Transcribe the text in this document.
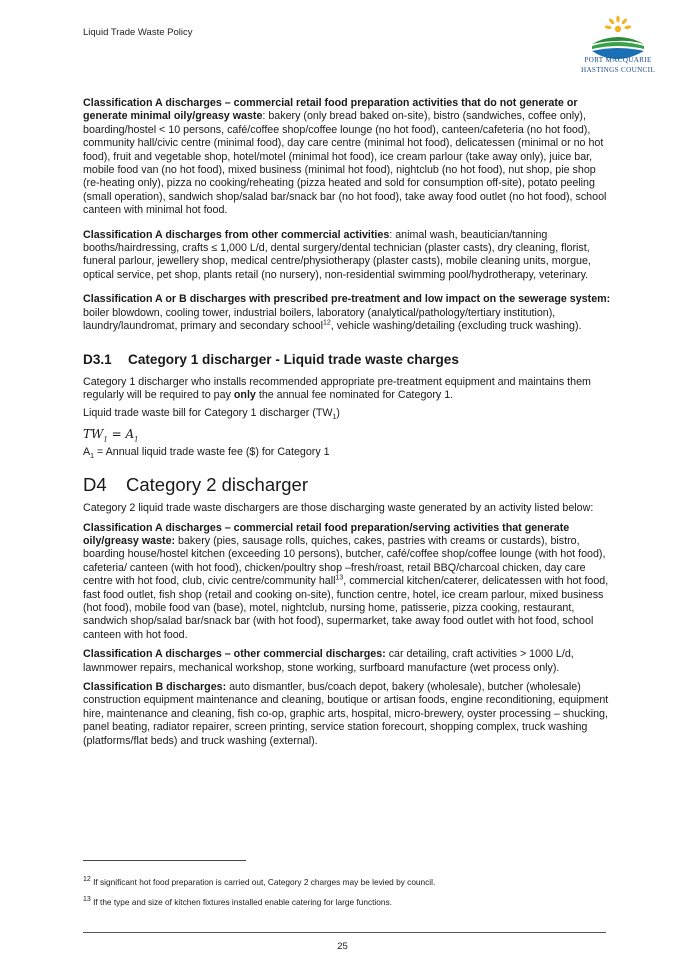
Liquid Trade Waste Policy
PORT MACQUARIE
HASTINGS COUNCIL

Classification A discharges – commercial retail food preparation activities that do not generate or generate minimal oily/greasy waste: bakery (only bread baked on-site), bistro (sandwiches, coffee only), boarding/hostel < 10 persons, café/coffee shop/coffee lounge (no hot food), canteen/cafeteria (no hot food), community hall/civic centre (minimal food), day care centre (minimal hot food), delicatessen (minimal or no hot food), fruit and vegetable shop, hotel/motel (minimal hot food), ice cream parlour (take away only), juice bar, mobile food van (no hot food), mixed business (minimal hot food), nightclub (no hot food), nut shop, pie shop (re-heating only), pizza no cooking/reheating (pizza heated and sold for consumption off-site), potato peeling (small operation), sandwich shop/salad bar/snack bar (no hot food), take away food outlet (no hot food), school canteen with minimal hot food.

Classification A discharges from other commercial activities: animal wash, beautician/tanning booths/hairdressing, crafts ≤ 1,000 L/d, dental surgery/dental technician (plaster casts), dry cleaning, florist, funeral parlour, jewellery shop, medical centre/physiotherapy (plaster casts), mobile cleaning units, morgue, optical service, pet shop, plants retail (no nursery), non-residential swimming pool/hydrotherapy, veterinary.

Classification A or B discharges with prescribed pre-treatment and low impact on the sewerage system: boiler blowdown, cooling tower, industrial boilers, laboratory (analytical/pathology/tertiary institution), laundry/laundromat, primary and secondary school$^{12}$, vehicle washing/detailing (excluding truck washing).

D3.1	Category 1 discharger - Liquid trade waste charges

Category 1 discharger who installs recommended appropriate pre-treatment equipment and maintains them regularly will be required to pay only the annual fee nominated for Category 1.

Liquid trade waste bill for Category 1 discharger $(TW_1)$

$TW_1 = A_1$

$A_1$ = Annual liquid trade waste fee ($) for Category 1

D4	Category 2 discharger

Category 2 liquid trade waste dischargers are those discharging waste generated by an activity listed below:

Classification A discharges – commercial retail food preparation/serving activities that generate oily/greasy waste: bakery (pies, sausage rolls, quiches, cakes, pastries with creams or custards), bistro, boarding house/hostel kitchen (exceeding 10 persons), butcher, café/coffee shop/coffee lounge (with hot food), cafeteria/ canteen (with hot food), chicken/poultry shop –fresh/roast, retail BBQ/charcoal chicken, day care centre with hot food, club, civic centre/community hall$^{13}$, commercial kitchen/caterer, delicatessen with hot food, fast food outlet, fish shop (retail and cooking on-site), function centre, hotel, ice cream parlour, mixed business (hot food), mobile food van (base), motel, nightclub, nursing home, patisserie, pizza cooking, restaurant, sandwich shop/salad bar/snack bar (with hot food), supermarket, take away food outlet with hot food, school canteen with hot food.

Classification A discharges – other commercial discharges: car detailing, craft activities > 1000 L/d, lawnmower repairs, mechanical workshop, stone working, surfboard manufacture (wet process only).

Classification B discharges: auto dismantler, bus/coach depot, bakery (wholesale), butcher (wholesale) construction equipment maintenance and cleaning, boutique or artisan foods, engine reconditioning, equipment hire, maintenance and cleaning, fish co-op, graphic arts, hospital, micro-brewery, oyster processing – shucking, panel beating, radiator repairer, screen printing, service station forecourt, shopping complex, truck washing (platforms/flat beds) and truck washing (external).

$^{12}$ If significant hot food preparation is carried out, Category 2 charges may be levied by council.

$^{13}$ If the type and size of kitchen fixtures installed enable catering for large functions.

25
